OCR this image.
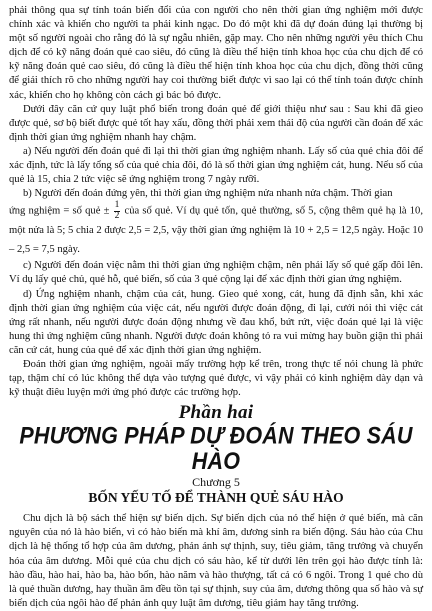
phải thông qua sự tính toán biến đổi của con người cho nên thời gian ứng nghiệm mới được chính xác và khiến cho người ta phải kinh ngạc. Do đó một khi đã dự đoán đúng lại thường bị một số người ngoài cho rằng đó là sự ngẫu nhiên, gặp may. Cho nên những người yêu thích Chu dịch để có kỹ năng đoán quẻ cao siêu, đó cũng là điều thể hiện tính khoa học của chu dịch để có kỹ năng đoán quẻ cao siêu, đó cũng là điều thể hiện tính khoa học của chu dịch, đồng thời cũng để giải thích rõ cho những người hay coi thường biết được vì sao lại có thể tính toán được chính xác, khiến cho họ không còn cách gì bác bỏ được.

Dưới đây căn cứ quy luật phổ biến trong đoán quẻ để giới thiệu như sau : Sau khi đã gieo được quẻ, sơ bộ biết được quẻ tốt hay xấu, đồng thời phải xem thái độ của người cần đoán để xác định thời gian ứng nghiệm nhanh hay chậm.

a) Nếu người đến đoán quẻ đi lại thì thời gian ứng nghiệm nhanh. Lấy số của quẻ chia đôi để xác định, tức là lấy tổng số của quẻ chia đôi, đó là số thời gian ứng nghiệm cát, hung. Nếu số của quẻ là 15, chia 2 tức việc sẽ ứng nghiệm trong 7 ngày rưỡi.

b) Người đến đoán đứng yên, thì thời gian ứng nghiệm nửa nhanh nửa chậm. Thời gian

ứng nghiệm = số quẻ ± $\frac{1}{2}$ của số quẻ. Ví dụ quẻ tốn, quẻ thường, số 5, cộng thêm quẻ hạ là 10, một nửa là 5; 5 chia 2 được 2,5 = 2,5, vậy thời gian ứng nghiệm là 10 + 2,5 = 12,5 ngày. Hoặc 10 – 2,5 = 7,5 ngày.

c) Người đến đoán việc nằm thì thời gian ứng nghiệm chậm, nên phải lấy số quẻ gấp đôi lên. Ví dụ lấy quẻ chủ, quẻ hỗ, quẻ biến, số của 3 quẻ cộng lại để xác định thời gian ứng nghiệm.

d) Ứng nghiệm nhanh, chậm của cát, hung. Gieo quẻ xong, cát, hung đã định sẵn, khi xác định thời gian ứng nghiệm của việc cát, nếu người được đoán động, đi lại, cưới nói thì việc cát ứng rất nhanh, nếu người được đoán động nhưng về đau khổ, bứt rứt, việc đoán quẻ lại là việc hung thì ứng nghiệm cũng nhanh. Người được đoán không tỏ ra vui mừng hay buồn giận thì phải căn cứ cát, hung của quẻ để xác định thời gian ứng nghiệm.

Đoán thời gian ứng nghiệm, ngoài mấy trường hợp kể trên, trong thực tế nói chung là phức tạp, thậm chí có lúc không thể dựa vào tượng quẻ được, vì vậy phải có kinh nghiệm dày dạn và kỹ thuật điêu luyện mới ứng phó được các trường hợp.

Phần hai
PHƯƠNG PHÁP DỰ ĐOÁN THEO SÁU HÀO
Chương 5
BỐN YẾU TỐ ĐỂ THÀNH QUẺ SÁU HÀO

Chu dịch là bộ sách thể hiện sự biến dịch. Sự biến dịch của nó thể hiện ở quẻ biến, mà căn nguyên của nó là hào biến, vì có hào biến mà khí âm, dương sinh ra biến động. Sáu hào của Chu dịch là hệ thống tổ hợp của âm dương, phản ánh sự thịnh, suy, tiêu giảm, tăng trưởng và chuyển hóa của âm dương. Mỗi quẻ của chu dịch có sáu hào, kể từ dưới lên trên gọi hào được tính là: hào đầu, hào hai, hào ba, hào bốn, hào năm và hào thượng, tất cả có 6 ngôi. Trong 1 quẻ cho dù là quẻ thuần dương, hay thuần âm đều tồn tại sự thịnh, suy của âm, dương thông qua số hào và sự biến dịch của ngôi hào để phản ánh quy luật âm dương, tiêu giảm hay tăng trưởng.
